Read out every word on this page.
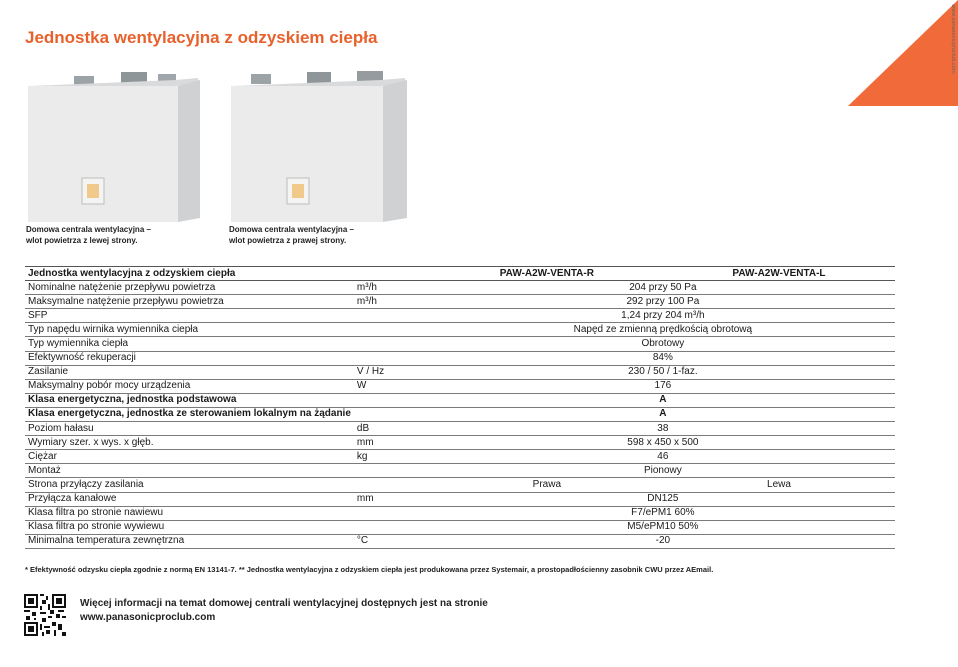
Jednostka wentylacyjna z odzyskiem ciepła	www.panasonicproclub.com
Domowa centrala wentylacyjna –
wlot powietrza z lewej strony.
Domowa centrala wentylacyjna –
wlot powietrza z prawej strony.
Jednostka wentylacyjna z odzyskiem ciepła		PAW-A2W-VENTA-R	PAW-A2W-VENTA-L
Nominalne natężenie przepływu powietrza	m³/h	204 przy 50 Pa	
Maksymalne natężenie przepływu powietrza	m³/h	292 przy 100 Pa	
SFP		1,24 przy 204 m³/h	
Typ napędu wirnika wymiennika ciepła		Napęd ze zmienną prędkością obrotową	
Typ wymiennika ciepła		Obrotowy	
Efektywność rekuperacji		84%	
Zasilanie	V / Hz	230 / 50 / 1-faz.	
Maksymalny pobór mocy urządzenia	W	176	
Klasa energetyczna, jednostka podstawowa		A	
Klasa energetyczna, jednostka ze sterowaniem lokalnym na żądanie		A	
Poziom hałasu	dB	38	
Wymiary szer. x wys. x głęb.	mm	598 x 450 x 500	
Ciężar	kg	46	
Montaż		Pionowy	
Strona przyłączy zasilania		Prawa	Lewa
Przyłącza kanałowe	mm	DN125	
Klasa filtra po stronie nawiewu		F7/ePM1 60%	
Klasa filtra po stronie wywiewu		M5/ePM10 50%	
Minimalna temperatura zewnętrzna	°C	-20	
* Efektywność odzysku ciepła zgodnie z normą EN 13141-7. ** Jednostka wentylacyjna z odzyskiem ciepła jest produkowana przez Systemair, a prostopadłościenny zasobnik CWU przez AEmail.
Więcej informacji na temat domowej centrali wentylacyjnej dostępnych jest na stronie
www.panasonicproclub.com
